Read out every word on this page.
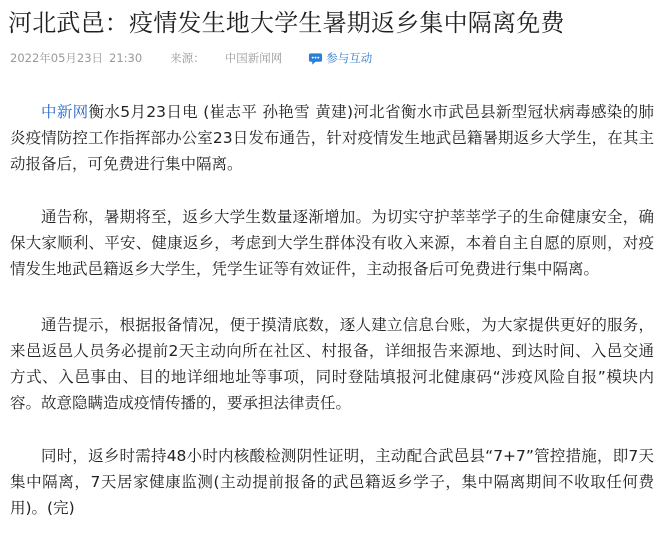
河北武邑：疫情发生地大学生暑期返乡集中隔离免费
2022年05月23日 21:30 来源： 中国新闻网	参与互动

中新网衡水5月23日电 (崔志平 孙艳雪 黄建)河北省衡水市武邑县新型冠状病毒感染的肺炎疫情防控工作指挥部办公室23日发布通告，针对疫情发生地武邑籍暑期返乡大学生，在其主动报备后，可免费进行集中隔离。

通告称，暑期将至，返乡大学生数量逐渐增加。为切实守护莘莘学子的生命健康安全，确保大家顺利、平安、健康返乡，考虑到大学生群体没有收入来源，本着自主自愿的原则，对疫情发生地武邑籍返乡大学生，凭学生证等有效证件，主动报备后可免费进行集中隔离。

通告提示，根据报备情况，便于摸清底数，逐人建立信息台账，为大家提供更好的服务，来邑返邑人员务必提前2天主动向所在社区、村报备，详细报告来源地、到达时间、入邑交通方式、入邑事由、目的地详细地址等事项，同时登陆填报河北健康码“涉疫风险自报”模块内容。故意隐瞒造成疫情传播的，要承担法律责任。

同时，返乡时需持48小时内核酸检测阴性证明，主动配合武邑县“7+7”管控措施，即7天集中隔离，7天居家健康监测(主动提前报备的武邑籍返乡学子，集中隔离期间不收取任何费用)。(完)
